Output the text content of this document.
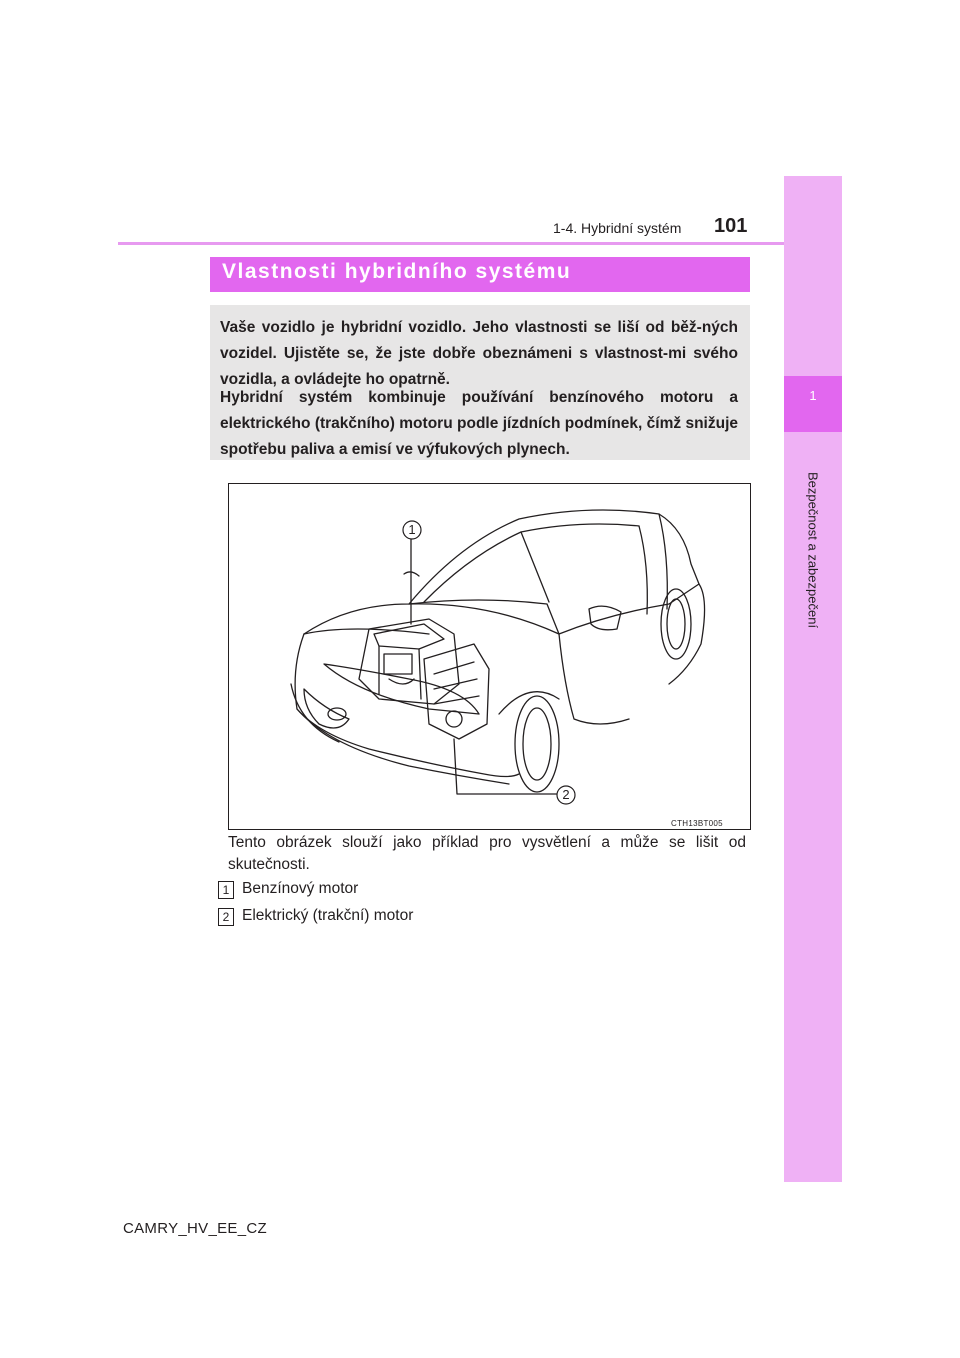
1
Bezpečnost a zabezpečení
1-4. Hybridní systém 101
Vlastnosti hybridního systému

Vaše vozidlo je hybridní vozidlo. Jeho vlastnosti se liší od běž-ných vozidel. Ujistěte se, že jste dobře obeznámeni s vlastnost-mi svého vozidla, a ovládejte ho opatrně.

Hybridní systém kombinuje používání benzínového motoru a elektrického (trakčního) motoru podle jízdních podmínek, čímž snižuje spotřebu paliva a emisí ve výfukových plynech.

1
2
CTH13BT005

Tento obrázek slouží jako příklad pro vysvětlení a může se lišit od skutečnosti.

1 Benzínový motor
2 Elektrický (trakční) motor
CAMRY_HV_EE_CZ
